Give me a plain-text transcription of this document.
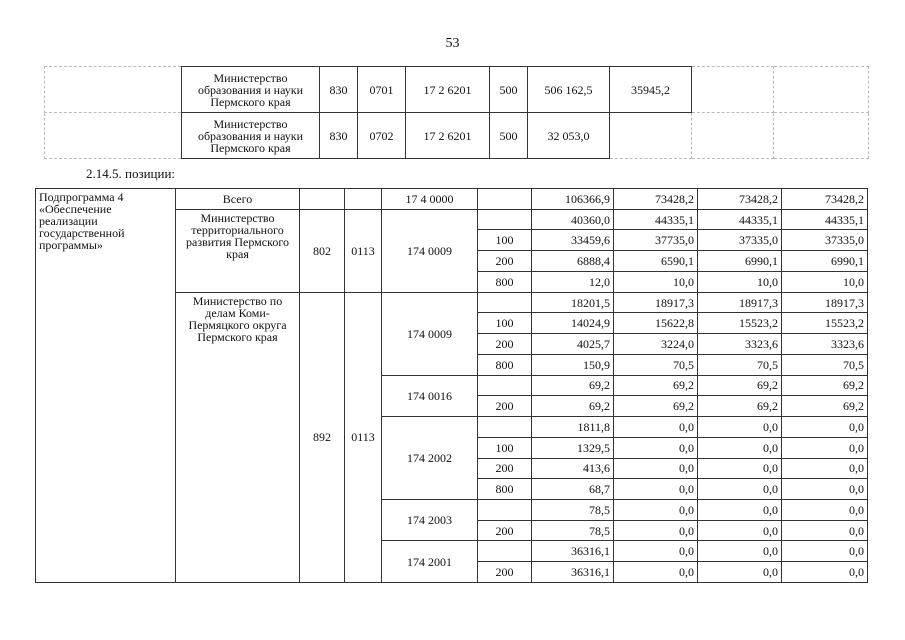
53
	Министерство образования и науки Пермского края	830	0701	17 2 6201	500	506 162,5	35945,2		
	Министерство образования и науки Пермского края	830	0702	17 2 6201	500	32 053,0			
2.14.5. позиции:
Подпрограмма 4 «Обеспечение реализации государственной программы»	Всего			17 4 0000		106366,9	73428,2	73428,2	73428,2
	Министерство территориального развития Пермского края	802	0113	174 0009		40360,0	44335,1	44335,1	44335,1
					100	33459,6	37735,0	37335,0	37335,0
					200	6888,4	6590,1	6990,1	6990,1
					800	12,0	10,0	10,0	10,0
	Министерство по делам Коми-Пермяцкого округа Пермского края	892	0113	174 0009		18201,5	18917,3	18917,3	18917,3
					100	14024,9	15622,8	15523,2	15523,2
					200	4025,7	3224,0	3323,6	3323,6
					800	150,9	70,5	70,5	70,5
				174 0016		69,2	69,2	69,2	69,2
					200	69,2	69,2	69,2	69,2
				174 2002		1811,8	0,0	0,0	0,0
					100	1329,5	0,0	0,0	0,0
					200	413,6	0,0	0,0	0,0
					800	68,7	0,0	0,0	0,0
				174 2003		78,5	0,0	0,0	0,0
					200	78,5	0,0	0,0	0,0
				174 2001		36316,1	0,0	0,0	0,0
					200	36316,1	0,0	0,0	0,0
